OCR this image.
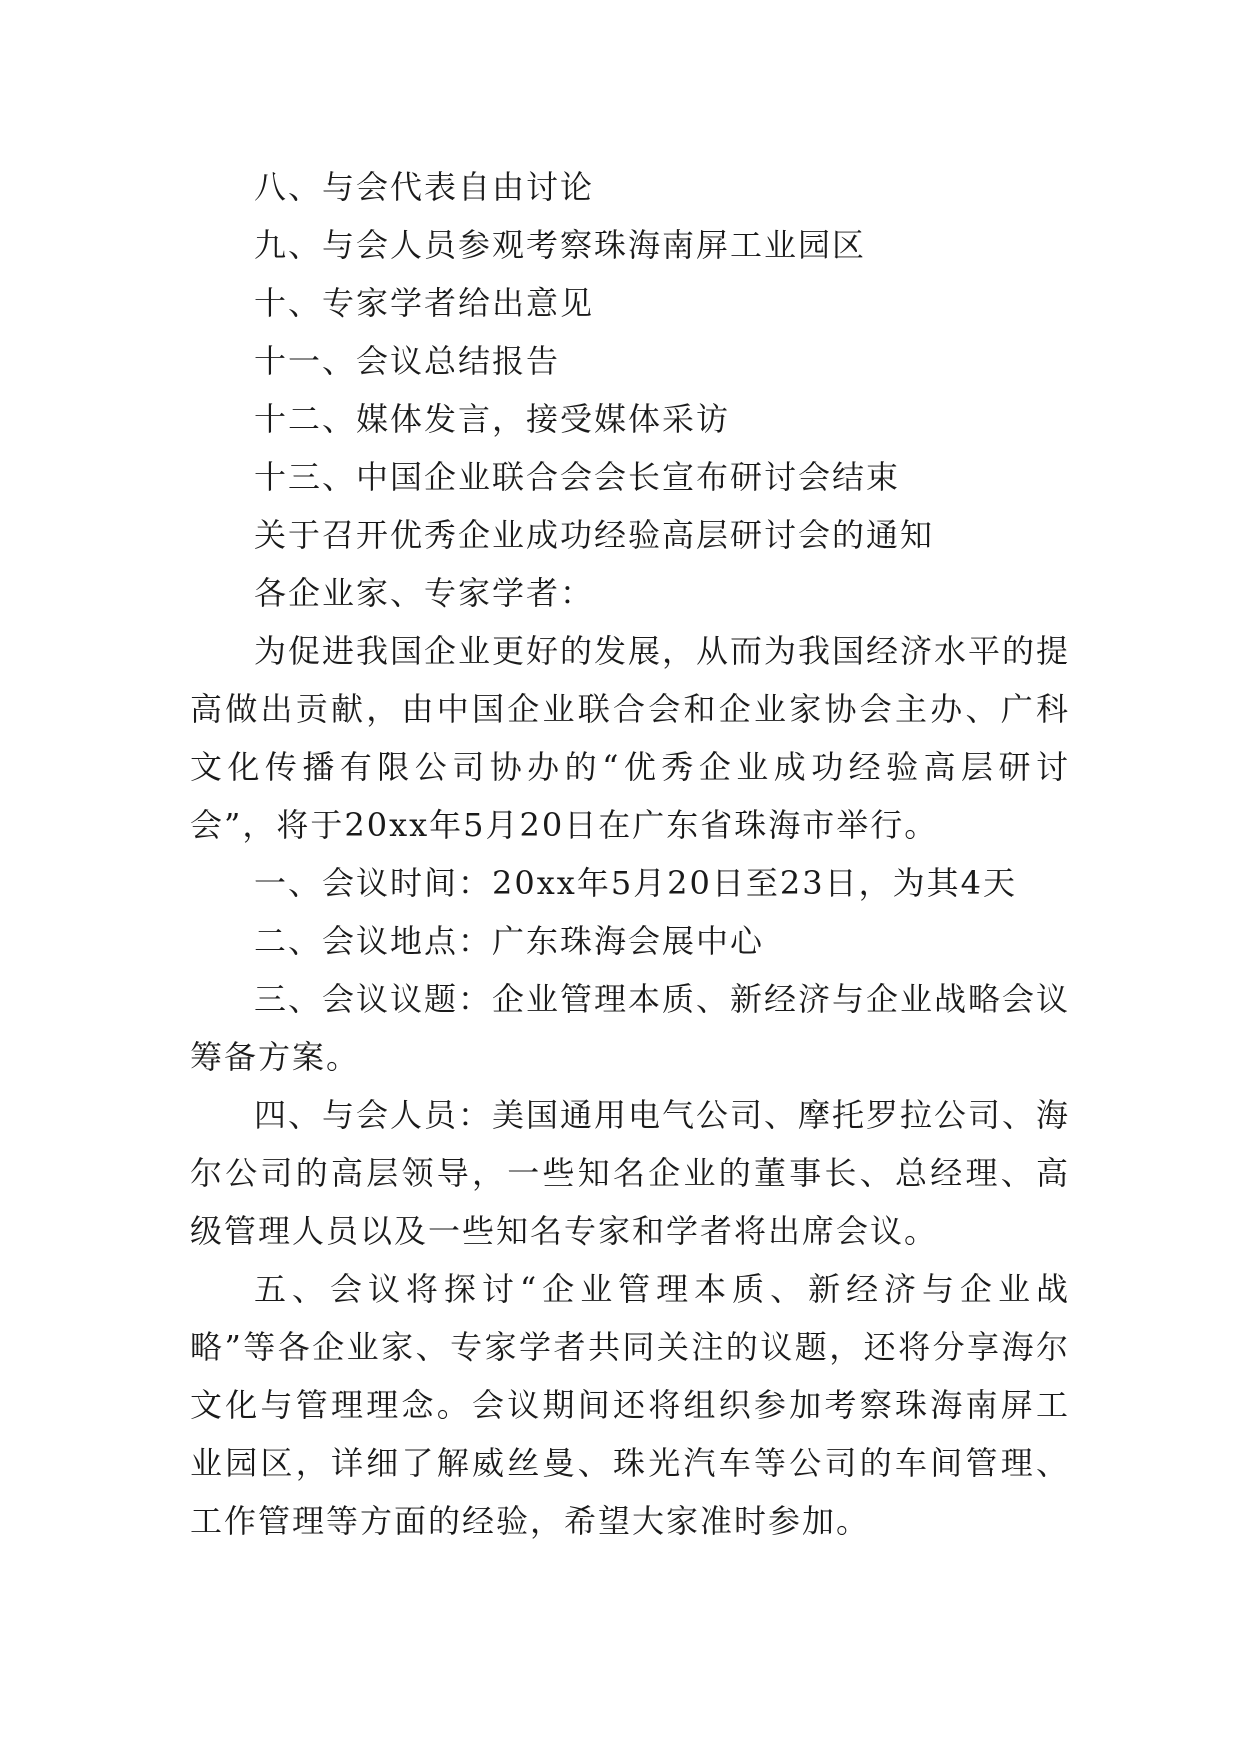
八、与会代表自由讨论

九、与会人员参观考察珠海南屏工业园区

十、专家学者给出意见

十一、会议总结报告

十二、媒体发言，接受媒体采访

十三、中国企业联合会会长宣布研讨会结束

关于召开优秀企业成功经验高层研讨会的通知

各企业家、专家学者：

为促进我国企业更好的发展，从而为我国经济水平的提高做出贡献，由中国企业联合会和企业家协会主办、广科文化传播有限公司协办的“优秀企业成功经验高层研讨会”，将于20xx年5月20日在广东省珠海市举行。

一、会议时间：20xx年5月20日至23日，为其4天

二、会议地点：广东珠海会展中心

三、会议议题：企业管理本质、新经济与企业战略会议筹备方案。

四、与会人员：美国通用电气公司、摩托罗拉公司、海尔公司的高层领导，一些知名企业的董事长、总经理、高级管理人员以及一些知名专家和学者将出席会议。

五、会议将探讨“企业管理本质、新经济与企业战略”等各企业家、专家学者共同关注的议题，还将分享海尔文化与管理理念。会议期间还将组织参加考察珠海南屏工业园区，详细了解威丝曼、珠光汽车等公司的车间管理、工作管理等方面的经验，希望大家准时参加。
